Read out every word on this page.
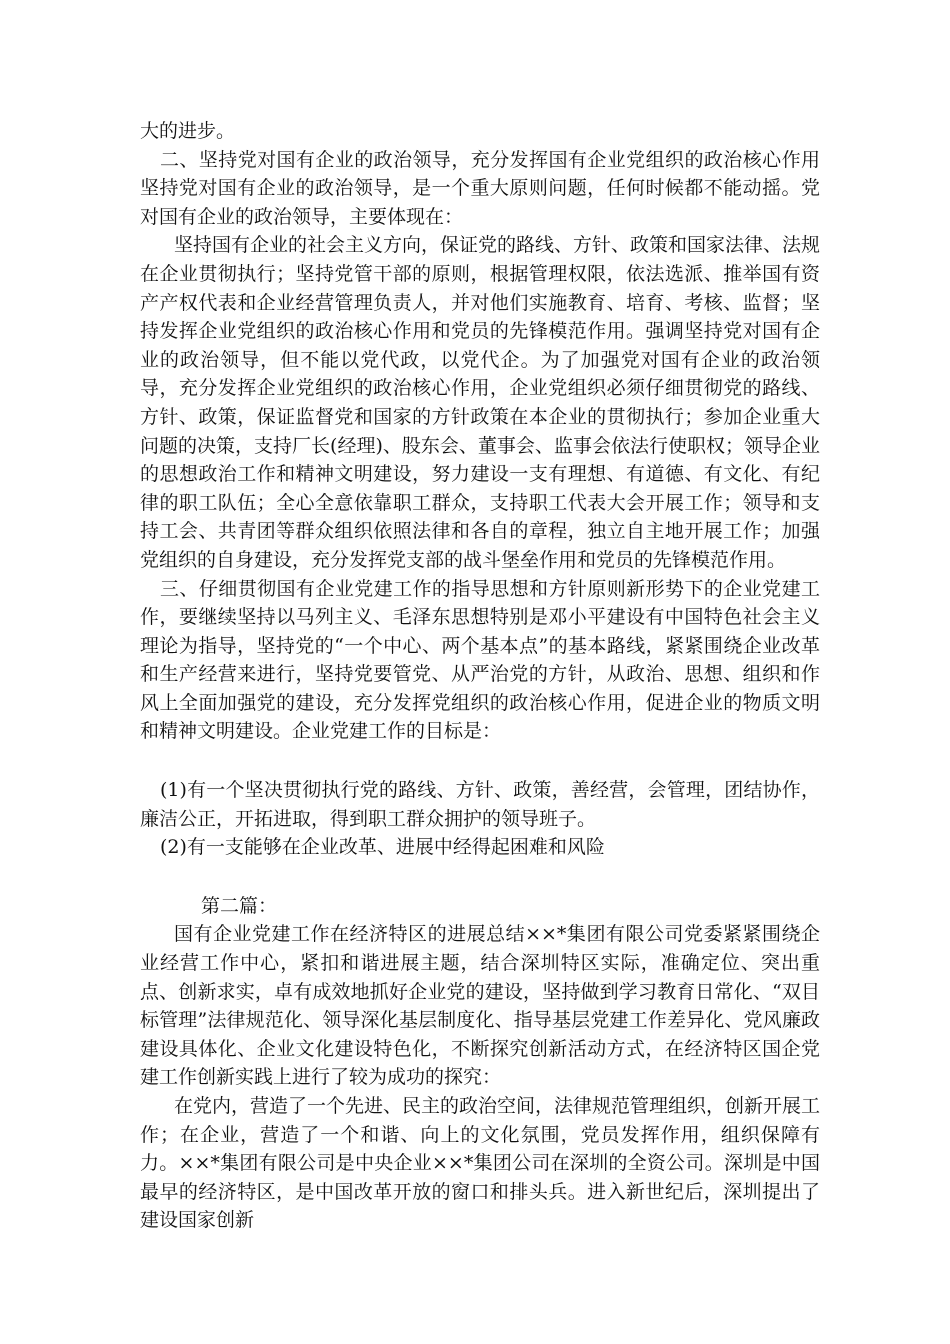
大的进步。

二、坚持党对国有企业的政治领导，充分发挥国有企业党组织的政治核心作用坚持党对国有企业的政治领导，是一个重大原则问题，任何时候都不能动摇。党对国有企业的政治领导，主要体现在：

坚持国有企业的社会主义方向，保证党的路线、方针、政策和国家法律、法规在企业贯彻执行；坚持党管干部的原则，根据管理权限，依法选派、推举国有资产产权代表和企业经营管理负责人，并对他们实施教育、培育、考核、监督；坚持发挥企业党组织的政治核心作用和党员的先锋模范作用。强调坚持党对国有企业的政治领导，但不能以党代政，以党代企。为了加强党对国有企业的政治领导，充分发挥企业党组织的政治核心作用，企业党组织必须仔细贯彻党的路线、方针、政策，保证监督党和国家的方针政策在本企业的贯彻执行；参加企业重大问题的决策，支持厂长(经理)、股东会、董事会、监事会依法行使职权；领导企业的思想政治工作和精神文明建设，努力建设一支有理想、有道德、有文化、有纪律的职工队伍；全心全意依靠职工群众，支持职工代表大会开展工作；领导和支持工会、共青团等群众组织依照法律和各自的章程，独立自主地开展工作；加强党组织的自身建设，充分发挥党支部的战斗堡垒作用和党员的先锋模范作用。

三、仔细贯彻国有企业党建工作的指导思想和方针原则新形势下的企业党建工作，要继续坚持以马列主义、毛泽东思想特别是邓小平建设有中国特色社会主义理论为指导，坚持党的“一个中心、两个基本点”的基本路线，紧紧围绕企业改革和生产经营来进行，坚持党要管党、从严治党的方针，从政治、思想、组织和作风上全面加强党的建设，充分发挥党组织的政治核心作用，促进企业的物质文明和精神文明建设。企业党建工作的目标是：

(1)有一个坚决贯彻执行党的路线、方针、政策，善经营，会管理，团结协作，廉洁公正，开拓进取，得到职工群众拥护的领导班子。

(2)有一支能够在企业改革、进展中经得起困难和风险

第二篇：

国有企业党建工作在经济特区的进展总结××*集团有限公司党委紧紧围绕企业经营工作中心，紧扣和谐进展主题，结合深圳特区实际，准确定位、突出重点、创新求实，卓有成效地抓好企业党的建设，坚持做到学习教育日常化、“双目标管理”法律规范化、领导深化基层制度化、指导基层党建工作差异化、党风廉政建设具体化、企业文化建设特色化，不断探究创新活动方式，在经济特区国企党建工作创新实践上进行了较为成功的探究：

在党内，营造了一个先进、民主的政治空间，法律规范管理组织，创新开展工作；在企业，营造了一个和谐、向上的文化氛围，党员发挥作用，组织保障有力。××*集团有限公司是中央企业××*集团公司在深圳的全资公司。深圳是中国最早的经济特区，是中国改革开放的窗口和排头兵。进入新世纪后，深圳提出了建设国家创新
